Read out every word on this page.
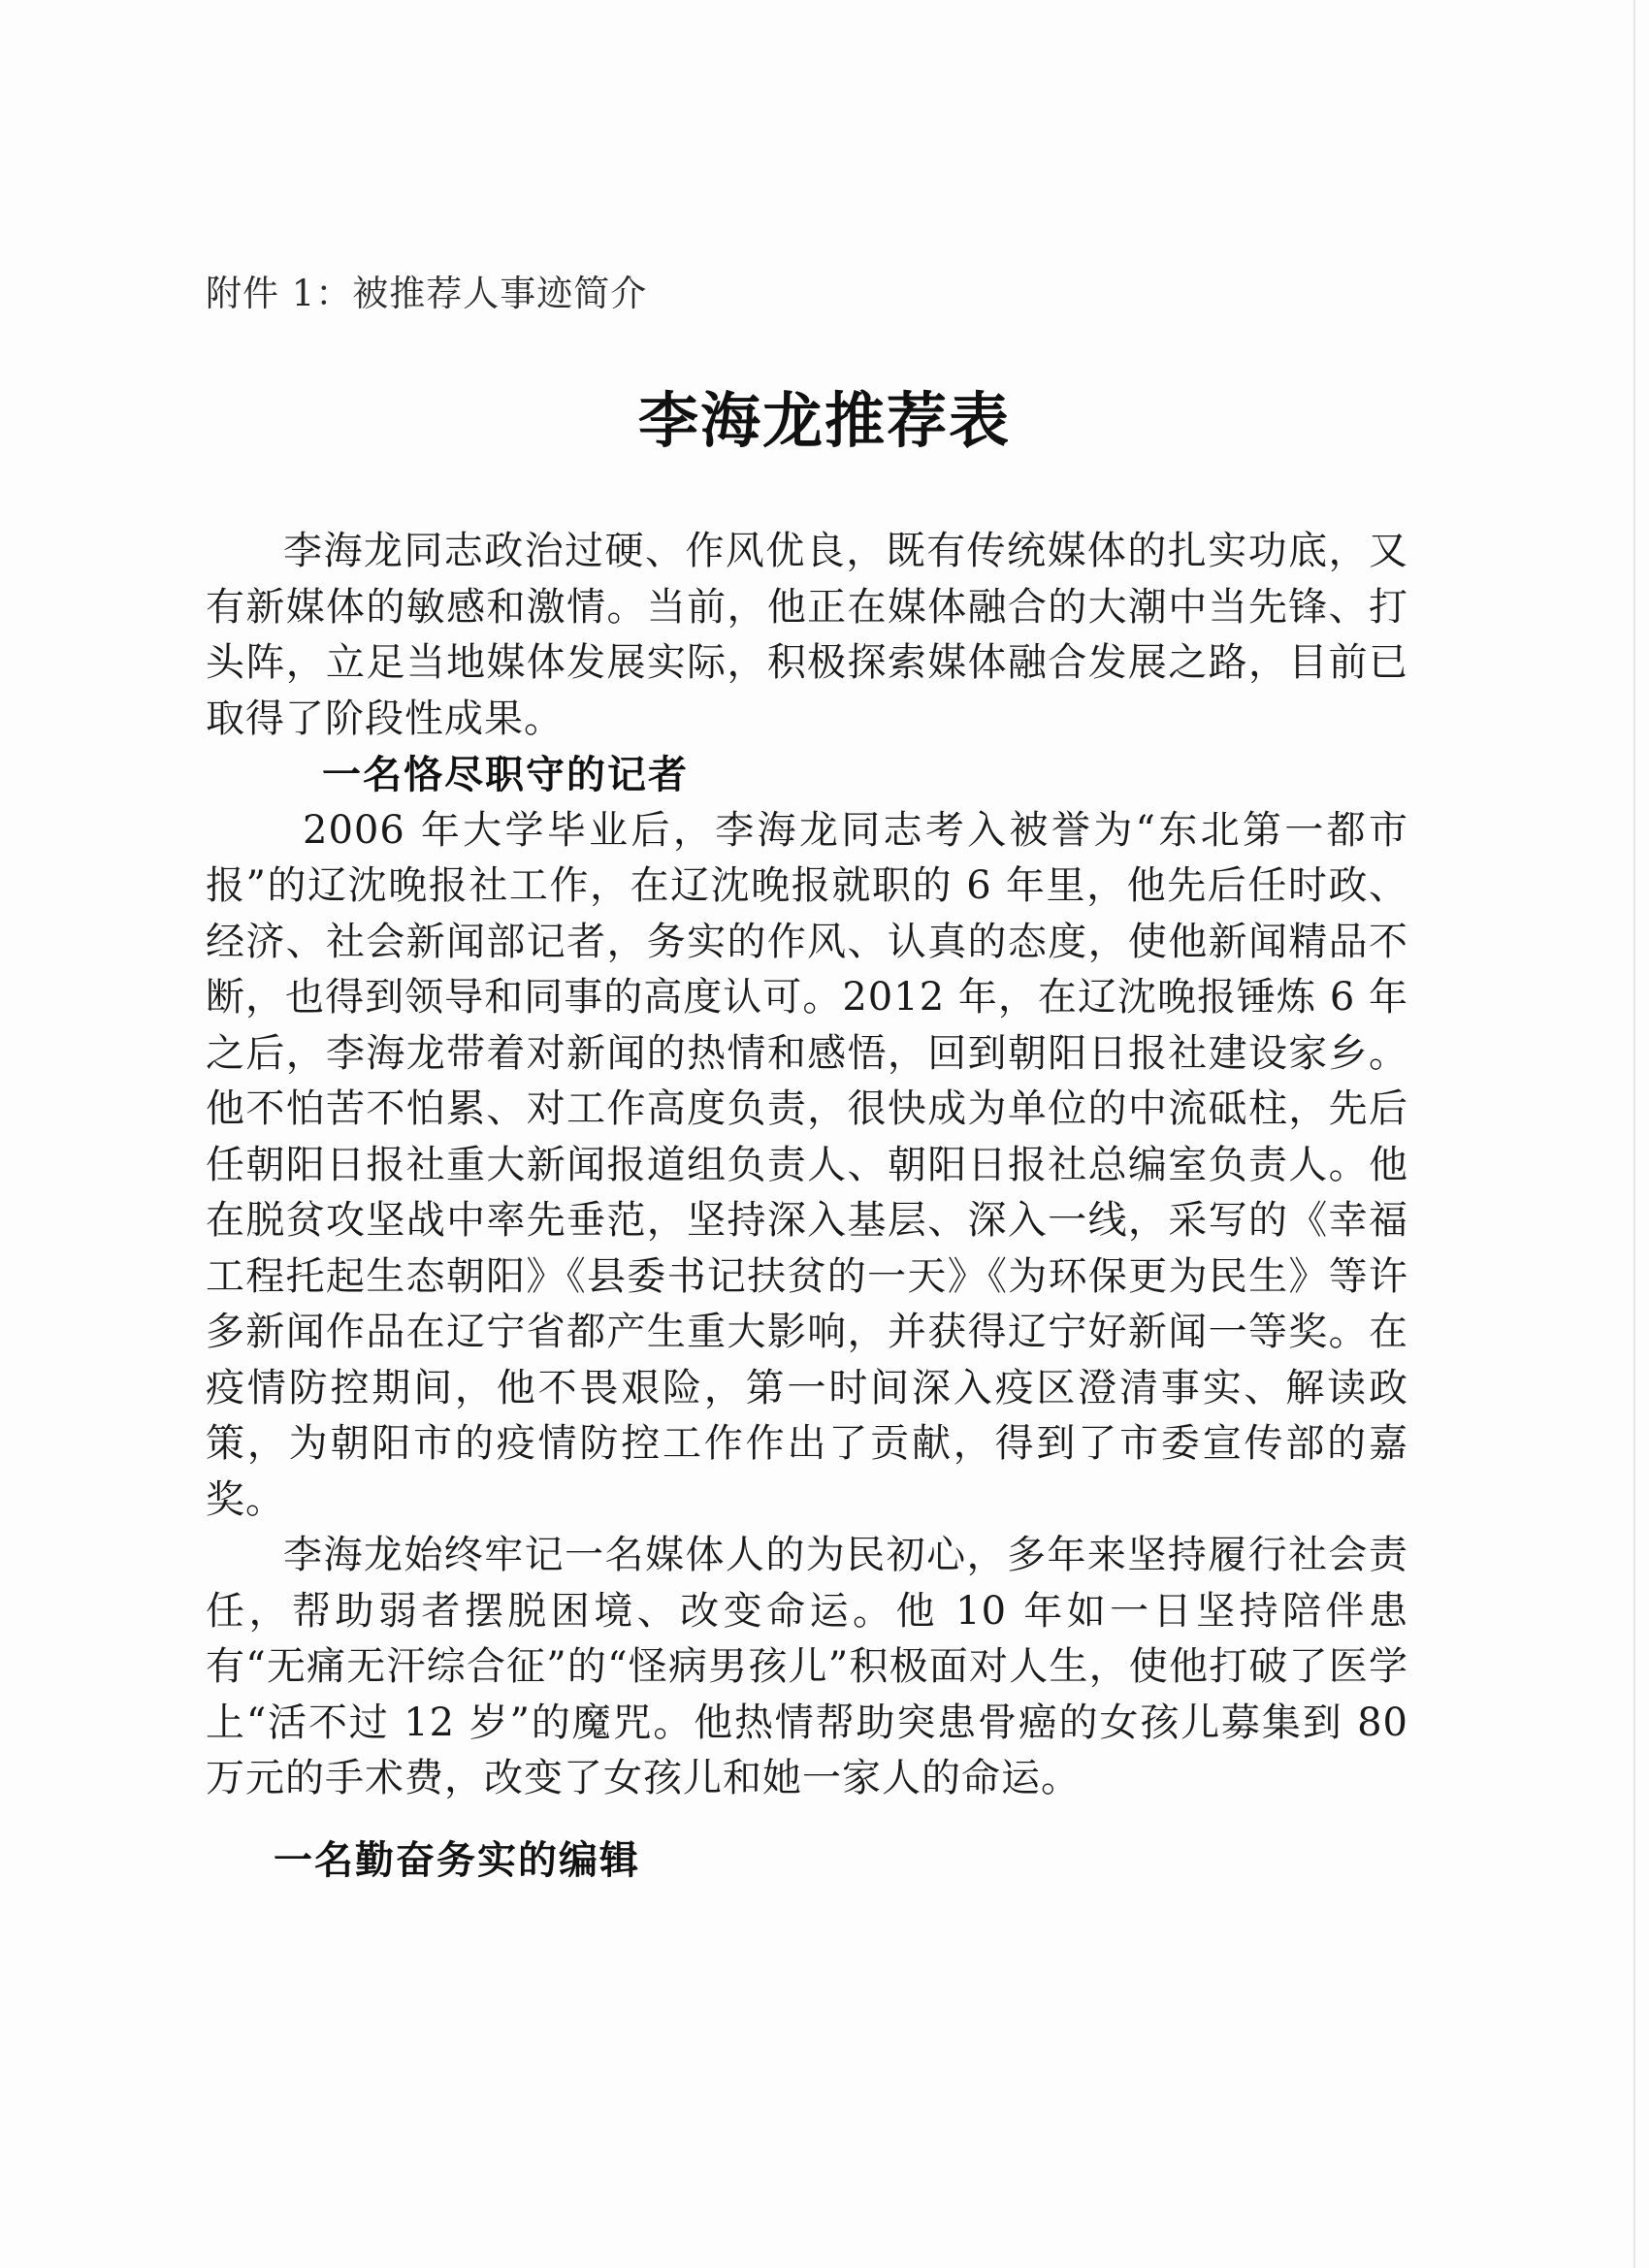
附件 1：被推荐人事迹简介
李海龙推荐表

李海龙同志政治过硬、作风优良，既有传统媒体的扎实功底，又有新媒体的敏感和激情。当前，他正在媒体融合的大潮中当先锋、打头阵，立足当地媒体发展实际，积极探索媒体融合发展之路，目前已取得了阶段性成果。

一名恪尽职守的记者

2006 年大学毕业后，李海龙同志考入被誉为“东北第一都市报”的辽沈晚报社工作，在辽沈晚报就职的 6 年里，他先后任时政、经济、社会新闻部记者，务实的作风、认真的态度，使他新闻精品不断，也得到领导和同事的高度认可。2012 年，在辽沈晚报锤炼 6 年之后，李海龙带着对新闻的热情和感悟，回到朝阳日报社建设家乡。他不怕苦不怕累、对工作高度负责，很快成为单位的中流砥柱，先后任朝阳日报社重大新闻报道组负责人、朝阳日报社总编室负责人。他在脱贫攻坚战中率先垂范，坚持深入基层、深入一线，采写的《幸福工程托起生态朝阳》《县委书记扶贫的一天》《为环保更为民生》等许多新闻作品在辽宁省都产生重大影响，并获得辽宁好新闻一等奖。在疫情防控期间，他不畏艰险，第一时间深入疫区澄清事实、解读政策，为朝阳市的疫情防控工作作出了贡献，得到了市委宣传部的嘉奖。

李海龙始终牢记一名媒体人的为民初心，多年来坚持履行社会责任，帮助弱者摆脱困境、改变命运。他 10 年如一日坚持陪伴患有“无痛无汗综合征”的“怪病男孩儿”积极面对人生，使他打破了医学上“活不过 12 岁”的魔咒。他热情帮助突患骨癌的女孩儿募集到 80 万元的手术费，改变了女孩儿和她一家人的命运。

一名勤奋务实的编辑
